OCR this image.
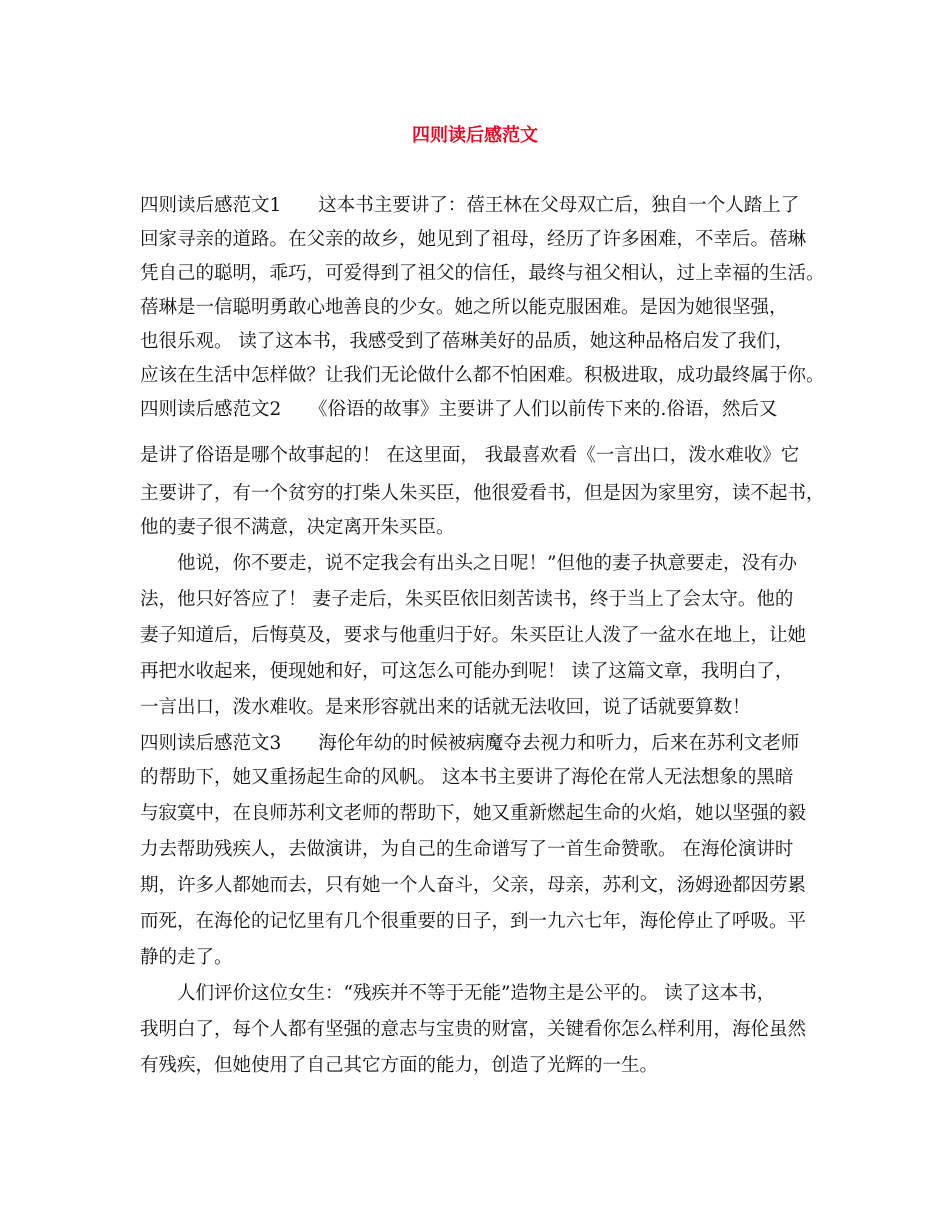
四则读后感范文
四则读后感范文1　　这本书主要讲了：蓓王林在父母双亡后，独自一个人踏上了
回家寻亲的道路。在父亲的故乡，她见到了祖母，经历了许多困难，不幸后。蓓琳
凭自己的聪明，乖巧，可爱得到了祖父的信任，最终与祖父相认，过上幸福的生活。
蓓琳是一信聪明勇敢心地善良的少女。她之所以能克服困难。是因为她很坚强，
也很乐观。 读了这本书，我感受到了蓓琳美好的品质，她这种品格启发了我们，
应该在生活中怎样做？让我们无论做什么都不怕困难。积极进取，成功最终属于你。
四则读后感范文2　　《俗语的故事》主要讲了人们以前传下来的.俗语，然后又
是讲了俗语是哪个故事起的！ 在这里面， 我最喜欢看《一言出口，泼水难收》它
主要讲了，有一个贫穷的打柴人朱买臣，他很爱看书，但是因为家里穷，读不起书，
他的妻子很不满意，决定离开朱买臣。
　　他说，你不要走，说不定我会有出头之日呢！”但他的妻子执意要走，没有办
法，他只好答应了！ 妻子走后，朱买臣依旧刻苦读书，终于当上了会太守。他的
妻子知道后，后悔莫及，要求与他重归于好。朱买臣让人泼了一盆水在地上，让她
再把水收起来，便现她和好，可这怎么可能办到呢！ 读了这篇文章，我明白了，
一言出口，泼水难收。是来形容就出来的话就无法收回，说了话就要算数！
四则读后感范文3　　海伦年幼的时候被病魔夺去视力和听力，后来在苏利文老师
的帮助下，她又重扬起生命的风帆。 这本书主要讲了海伦在常人无法想象的黑暗
与寂寞中，在良师苏利文老师的帮助下，她又重新燃起生命的火焰，她以坚强的毅
力去帮助残疾人，去做演讲，为自己的生命谱写了一首生命赞歌。 在海伦演讲时
期，许多人都她而去，只有她一个人奋斗，父亲，母亲，苏利文，汤姆逊都因劳累
而死，在海伦的记忆里有几个很重要的日子，到一九六七年，海伦停止了呼吸。平
静的走了。
　　人们评价这位女生：“残疾并不等于无能”造物主是公平的。 读了这本书，
我明白了，每个人都有坚强的意志与宝贵的财富，关键看你怎么样利用，海伦虽然
有残疾，但她使用了自己其它方面的能力，创造了光辉的一生。
